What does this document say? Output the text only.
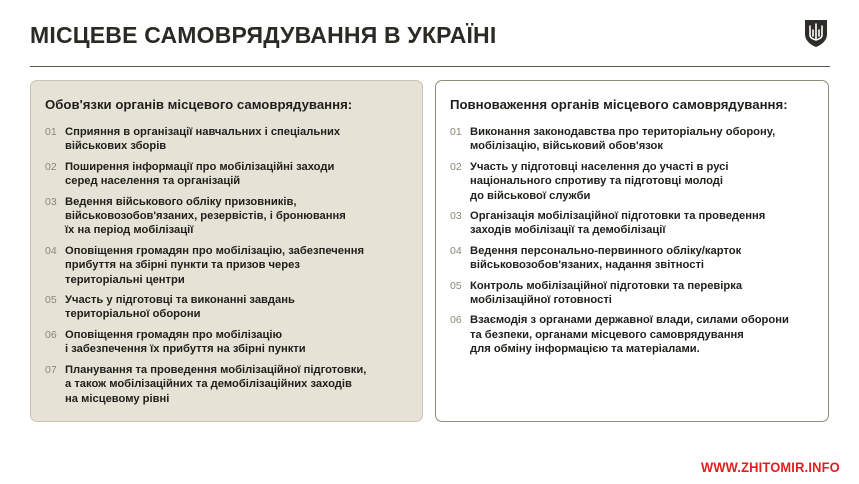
МІСЦЕВЕ САМОВРЯДУВАННЯ В УКРАЇНІ
Обов'язки органів місцевого самоврядування:
01 Сприяння в організації навчальних і спеціальних
військових зборів
02 Поширення інформації про мобілізаційні заходи
серед населення та організацій
03 Ведення військового обліку призовників,
військовозобов'язаних, резервістів, і бронювання
їх на період мобілізації
04 Оповіщення громадян про мобілізацію, забезпечення
прибуття на збірні пункти та призов через
територіальні центри
05 Участь у підготовці та виконанні завдань
територіальної оборони
06 Оповіщення громадян про мобілізацію
і забезпечення їх прибуття на збірні пункти
07 Планування та проведення мобілізаційної підготовки,
а також мобілізаційних та демобілізаційних заходів
на місцевому рівні
Повноваження органів місцевого самоврядування:
01 Виконання законодавства про територіальну оборону,
мобілізацію, військовий обов'язок
02 Участь у підготовці населення до участі в русі
національного спротиву та підготовці молоді
до військової служби
03 Організація мобілізаційної підготовки та проведення
заходів мобілізації та демобілізації
04 Ведення персонально-первинного обліку/карток
військовозобов'язаних, надання звітності
05 Контроль мобілізаційної підготовки та перевірка
мобілізаційної готовності
06 Взаємодія з органами державної влади, силами оборони
та безпеки, органами місцевого самоврядування
для обміну інформацією та матеріалами.
WWW.ZHITOMIR.INFO
